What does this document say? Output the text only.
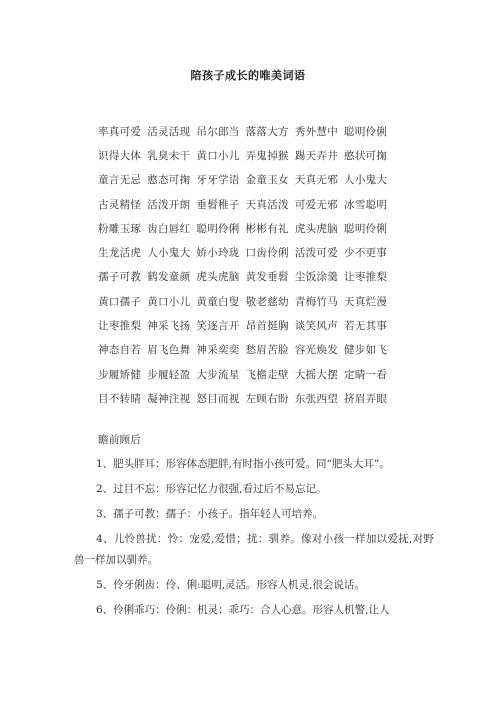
陪孩子成长的唯美词语
率真可爱 活灵活现 吊尔郎当 落落大方 秀外慧中 聪明伶俐
识得大体 乳臭未干 黄口小儿 弄鬼掉猴 踢天弄井 憨状可掬
童言无忌 憨态可掬 牙牙学语 金童玉女 天真无邪 人小鬼大
古灵精怪 活泼开朗 垂髫稚子 天真活泼 可爱无邪 冰雪聪明
粉雕玉琢 齿白唇红 聪明伶俐 彬彬有礼 虎头虎脑 聪明伶俐
生龙活虎 人小鬼大 娇小玲珑 口齿伶俐 活泼可爱 少不更事
孺子可教 鹤发童颜 虎头虎脑 黄发垂髫 尘饭涂羹 让枣推梨
黄口孺子 黄口小儿 黄童白叟 敬老慈幼 青梅竹马 天真烂漫
让枣推梨 神采飞扬 笑逐言开 昂首挺胸 谈笑风声 若无其事
神态自若 眉飞色舞 神采奕奕 愁眉苦脸 容光焕发 健步如飞
步履矫健 步履轻盈 大步流星 飞檐走壁 大摇大摆 定睛一看
目不转睛 凝神注视 怒目而视 左顾右盼 东张西望 挤眉弄眼
瞻前顾后

1、肥头胖耳：形容体态肥胖,有时指小孩可爱。同“肥头大耳”。

2、过目不忘：形容记忆力很强,看过后不易忘记。

3、孺子可教：孺子：小孩子。指年轻人可培养。

4、儿怜兽扰：怜：宠爱,爱惜；扰：驯养。像对小孩一样加以爱抚,对野兽一样加以驯养。

5、伶牙俐齿：伶、俐:聪明,灵活。形容人机灵,很会说话。

6、伶俐乖巧：伶俐：机灵；乖巧：合人心意。形容人机警,让人
